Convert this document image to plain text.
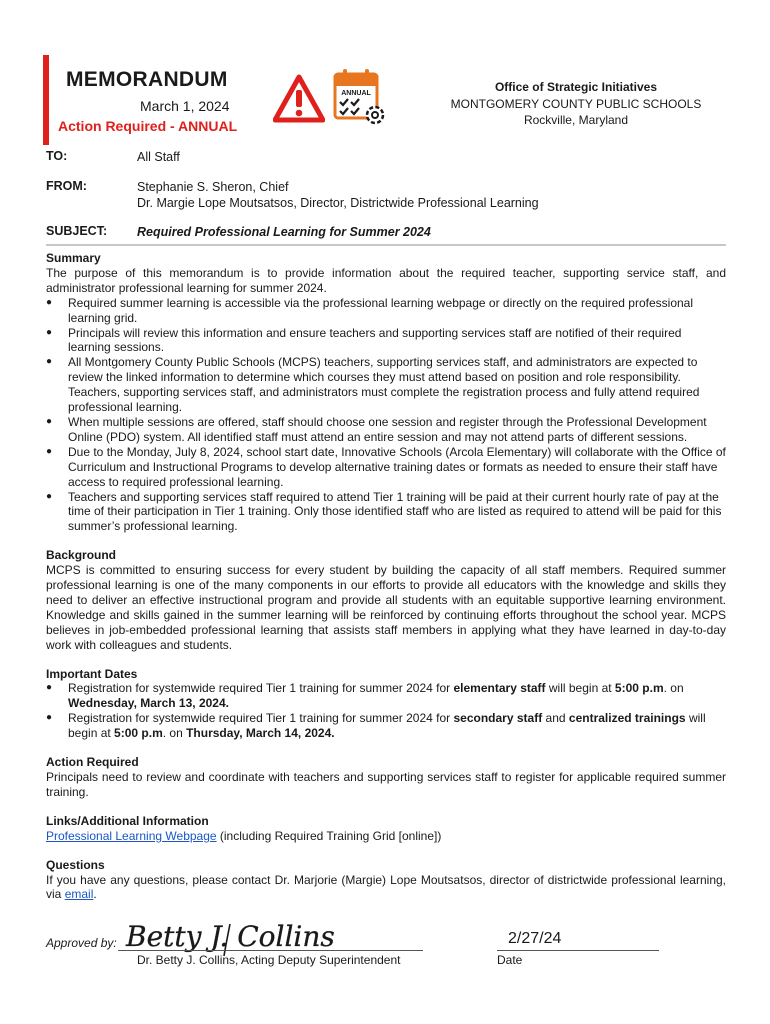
MEMORANDUM
March 1, 2024
Action Required - ANNUAL
ANNUAL	Office of Strategic Initiatives
MONTGOMERY COUNTY PUBLIC SCHOOLS
Rockville, Maryland
TO:	All Staff
FROM:	Stephanie S. Sheron, Chief
Dr. Margie Lope Moutsatsos, Director, Districtwide Professional Learning
SUBJECT: Required Professional Learning for Summer 2024

Summary

The purpose of this memorandum is to provide information about the required teacher, supporting service staff, and administrator professional learning for summer 2024.

● Required summer learning is accessible via the professional learning webpage or directly on the required professional learning grid.
● Principals will review this information and ensure teachers and supporting services staff are notified of their required learning sessions.
● All Montgomery County Public Schools (MCPS) teachers, supporting services staff, and administrators are expected to review the linked information to determine which courses they must attend based on position and role responsibility. Teachers, supporting services staff, and administrators must complete the registration process and fully attend required professional learning.
● When multiple sessions are offered, staff should choose one session and register through the Professional Development Online (PDO) system. All identified staff must attend an entire session and may not attend parts of different sessions.
● Due to the Monday, July 8, 2024, school start date, Innovative Schools (Arcola Elementary) will collaborate with the Office of Curriculum and Instructional Programs to develop alternative training dates or formats as needed to ensure their staff have access to required professional learning.
● Teachers and supporting services staff required to attend Tier 1 training will be paid at their current hourly rate of pay at the time of their participation in Tier 1 training. Only those identified staff who are listed as required to attend will be paid for this summer’s professional learning.

Background

MCPS is committed to ensuring success for every student by building the capacity of all staff members. Required summer professional learning is one of the many components in our efforts to provide all educators with the knowledge and skills they need to deliver an effective instructional program and provide all students with an equitable supportive learning environment. Knowledge and skills gained in the summer learning will be reinforced by continuing efforts throughout the school year. MCPS believes in job-embedded professional learning that assists staff members in applying what they have learned in day-to-day work with colleagues and students.

Important Dates

● Registration for systemwide required Tier 1 training for summer 2024 for elementary staff will begin at 5:00 p.m. on Wednesday, March 13, 2024.
● Registration for systemwide required Tier 1 training for summer 2024 for secondary staff and centralized trainings will begin at 5:00 p.m. on Thursday, March 14, 2024.

Action Required

Principals need to review and coordinate with teachers and supporting services staff to register for applicable required summer training.

Links/Additional Information

Professional Learning Webpage (including Required Training Grid [online])

Questions

If you have any questions, please contact Dr. Marjorie (Margie) Lope Moutsatsos, director of districtwide professional learning, via email.

Approved by: Betty J. Collins
Dr. Betty J. Collins, Acting Deputy Superintendent
2/27/24
Date
